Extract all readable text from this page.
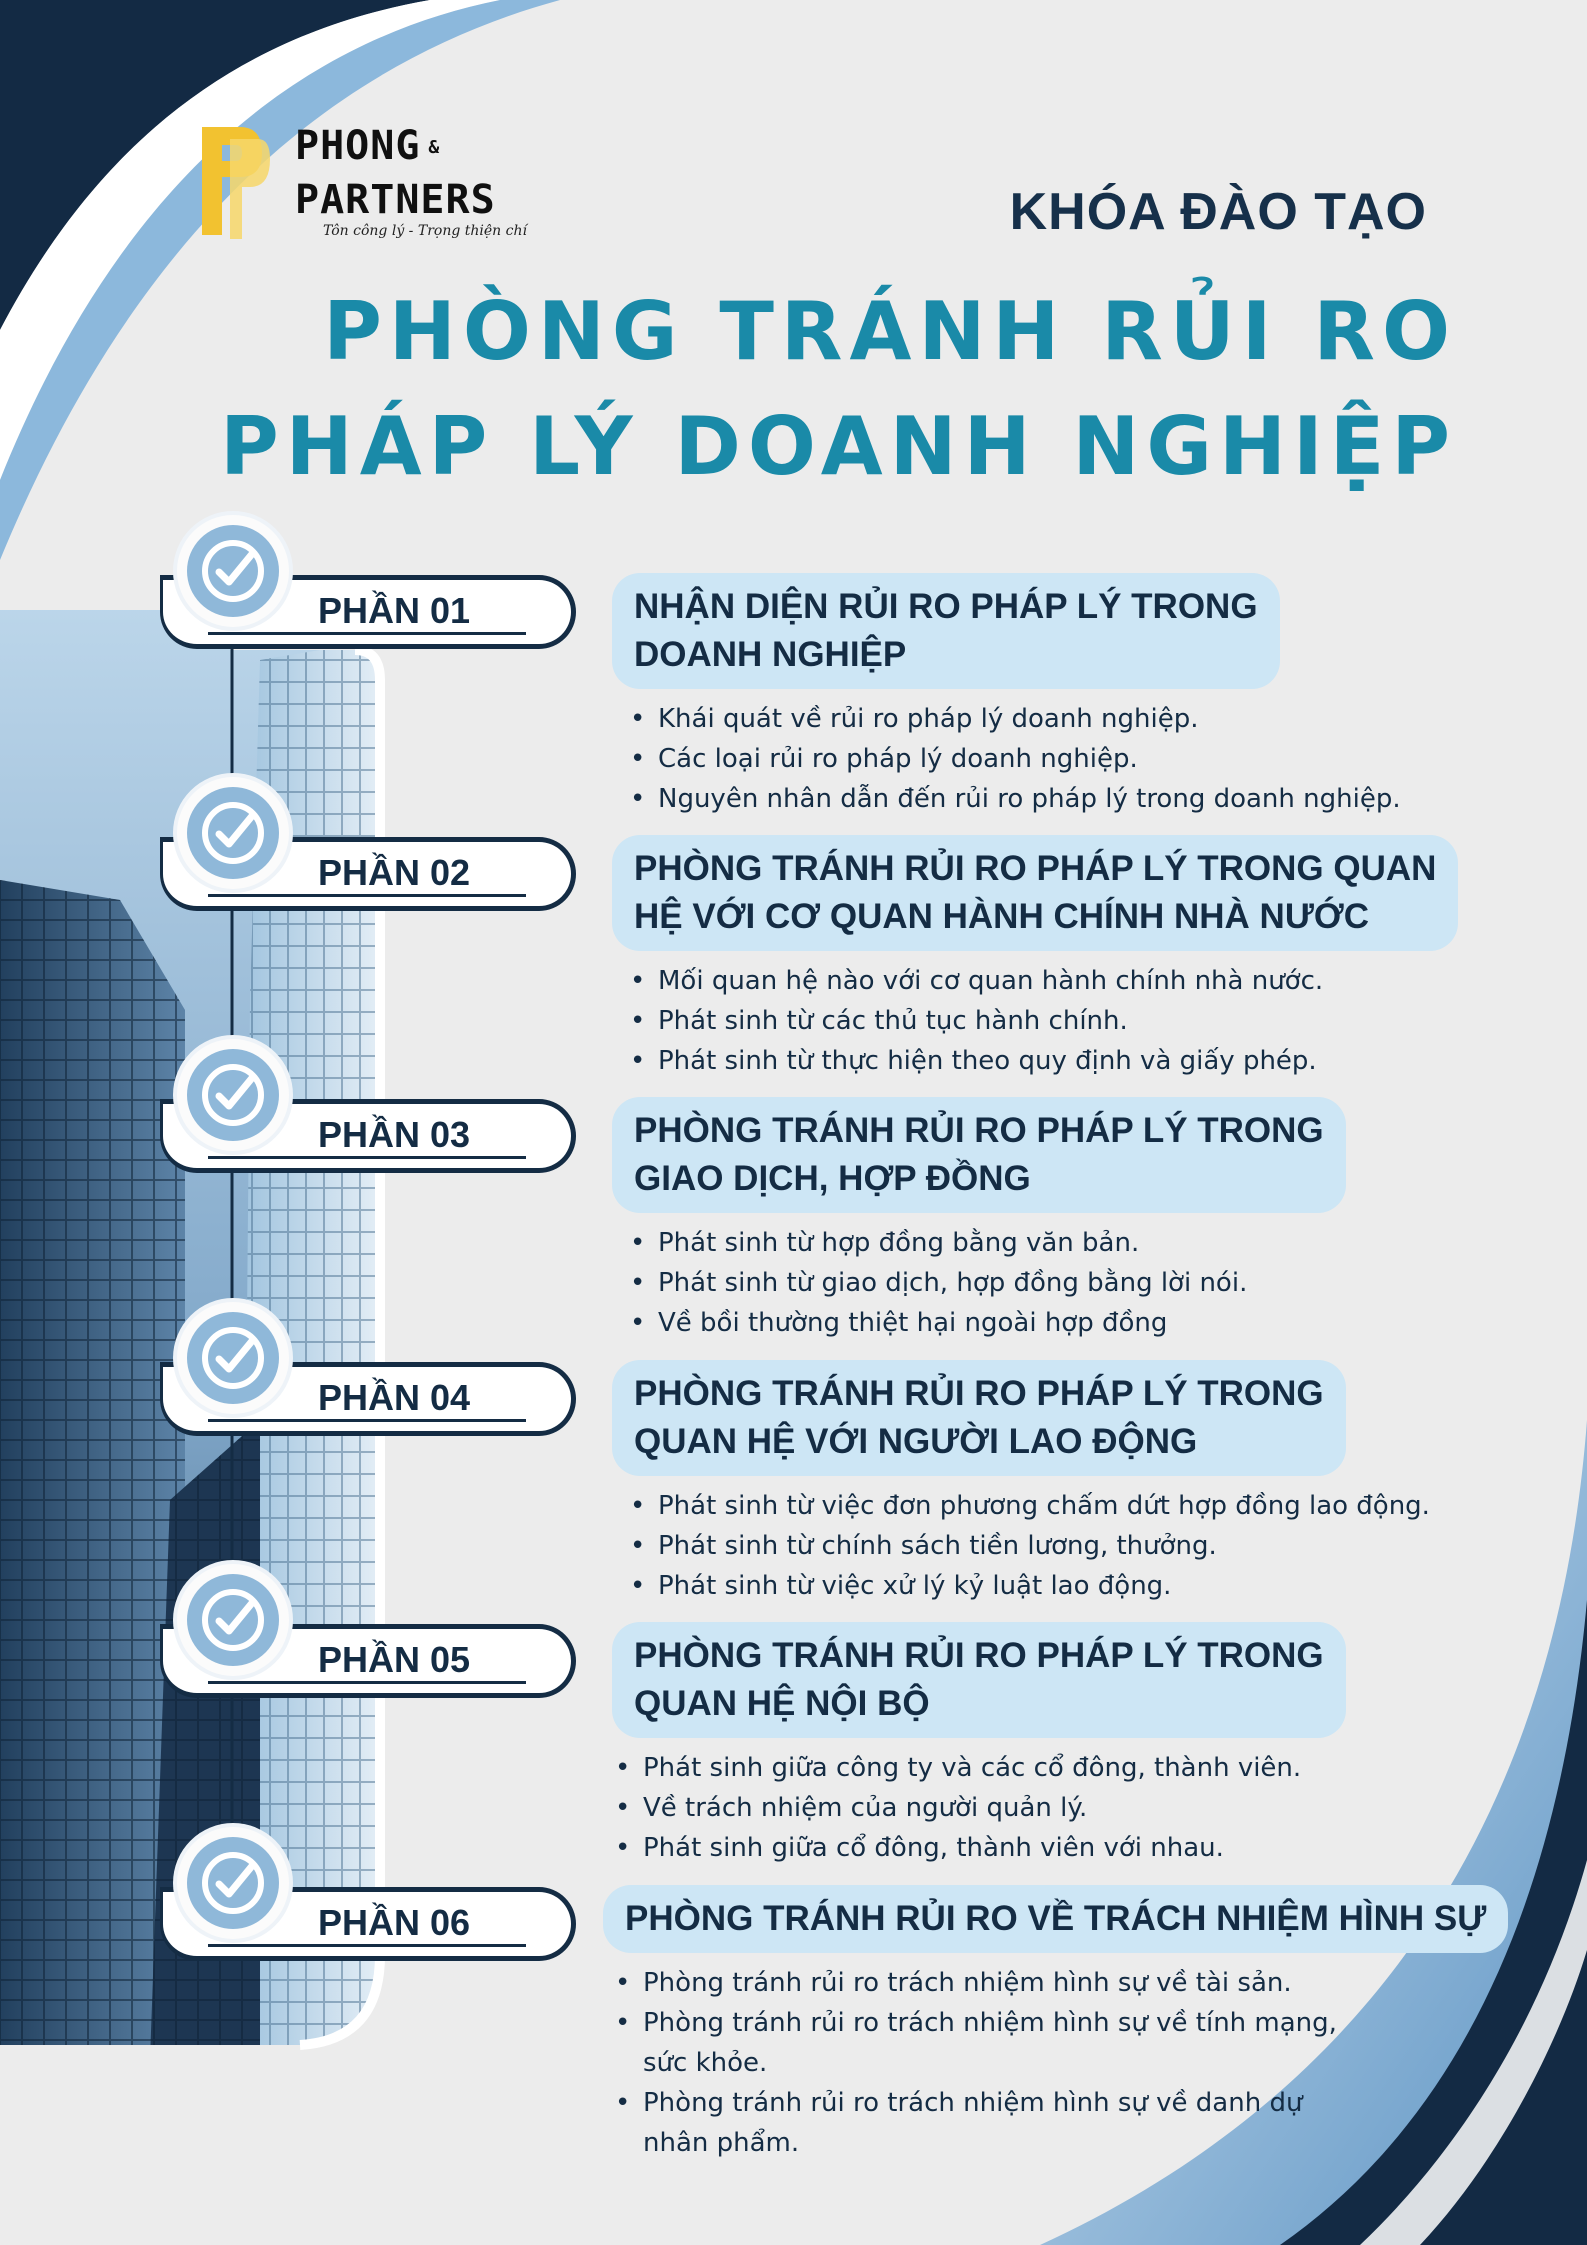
PHONG &
PARTNERS
Tôn công lý - Trọng thiện chí	KHÓA ĐÀO TẠO
PHÒNG TRÁNH RỦI RO
PHÁP LÝ DOANH NGHIỆP
PHẦN 01	NHẬN DIỆN RỦI RO PHÁP LÝ TRONG
DOANH NGHIỆP
• Khái quát về rủi ro pháp lý doanh nghiệp.
• Các loại rủi ro pháp lý doanh nghiệp.
• Nguyên nhân dẫn đến rủi ro pháp lý trong doanh nghiệp.
PHẦN 02	PHÒNG TRÁNH RỦI RO PHÁP LÝ TRONG QUAN
HỆ VỚI CƠ QUAN HÀNH CHÍNH NHÀ NƯỚC
• Mối quan hệ nào với cơ quan hành chính nhà nước.
• Phát sinh từ các thủ tục hành chính.
• Phát sinh từ thực hiện theo quy định và giấy phép.
PHẦN 03	PHÒNG TRÁNH RỦI RO PHÁP LÝ TRONG
GIAO DỊCH, HỢP ĐỒNG
• Phát sinh từ hợp đồng bằng văn bản.
• Phát sinh từ giao dịch, hợp đồng bằng lời nói.
• Về bồi thường thiệt hại ngoài hợp đồng
PHẦN 04	PHÒNG TRÁNH RỦI RO PHÁP LÝ TRONG
QUAN HỆ VỚI NGƯỜI LAO ĐỘNG
• Phát sinh từ việc đơn phương chấm dứt hợp đồng lao động.
• Phát sinh từ chính sách tiền lương, thưởng.
• Phát sinh từ việc xử lý kỷ luật lao động.
PHẦN 05	PHÒNG TRÁNH RỦI RO PHÁP LÝ TRONG
QUAN HỆ NỘI BỘ
• Phát sinh giữa công ty và các cổ đông, thành viên.
• Về trách nhiệm của người quản lý.
• Phát sinh giữa cổ đông, thành viên với nhau.
PHẦN 06	PHÒNG TRÁNH RỦI RO VỀ TRÁCH NHIỆM HÌNH SỰ
• Phòng tránh rủi ro trách nhiệm hình sự về tài sản.
• Phòng tránh rủi ro trách nhiệm hình sự về tính mạng,
sức khỏe.
• Phòng tránh rủi ro trách nhiệm hình sự về danh dự
nhân phẩm.
